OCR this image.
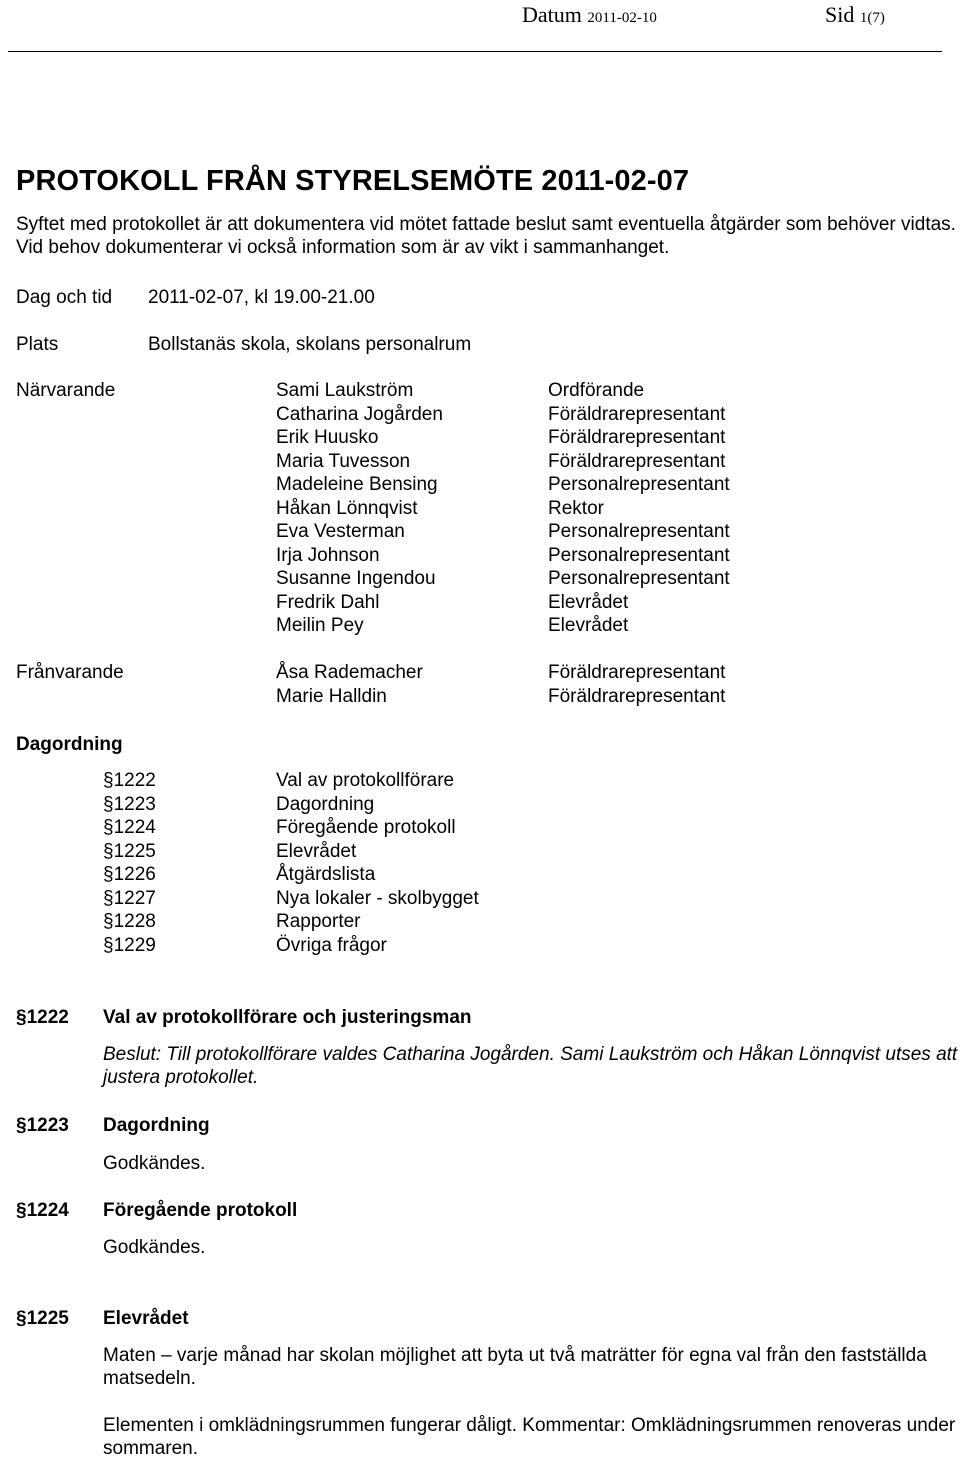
Datum 2011-02-10	Sid 1(7)
PROTOKOLL FRÅN STYRELSEMÖTE 2011-02-07
Syftet med protokollet är att dokumentera vid mötet fattade beslut samt eventuella åtgärder som behöver vidtas. Vid behov dokumenterar vi också information som är av vikt i sammanhanget.
Dag och tid 2011-02-07, kl 19.00-21.00
Plats	Bollstanäs skola, skolans personalrum
Närvarande	Sami Laukström	Ordförande
Catharina Jogården	Föräldrarepresentant
Erik Huusko	Föräldrarepresentant
Maria Tuvesson	Föräldrarepresentant
Madeleine Bensing	Personalrepresentant
Håkan Lönnqvist	Rektor
Eva Vesterman	Personalrepresentant
Irja Johnson	Personalrepresentant
Susanne Ingendou	Personalrepresentant
Fredrik Dahl	Elevrådet
Meilin Pey	Elevrådet
Frånvarande	Åsa Rademacher	Föräldrarepresentant
Marie Halldin	Föräldrarepresentant
Dagordning
§1222	Val av protokollförare
§1223	Dagordning
§1224	Föregående protokoll
§1225	Elevrådet
§1226	Åtgärdslista
§1227	Nya lokaler - skolbygget
§1228	Rapporter
§1229	Övriga frågor
§1222 Val av protokollförare och justeringsman
Beslut: Till protokollförare valdes Catharina Jogården. Sami Laukström och Håkan Lönnqvist utses att justera protokollet.
§1223 Dagordning
Godkändes.
§1224 Föregående protokoll
Godkändes.
§1225 Elevrådet
Maten – varje månad har skolan möjlighet att byta ut två maträtter för egna val från den fastställda matsedeln.
Elementen i omklädningsrummen fungerar dåligt. Kommentar: Omklädningsrummen renoveras under sommaren.
